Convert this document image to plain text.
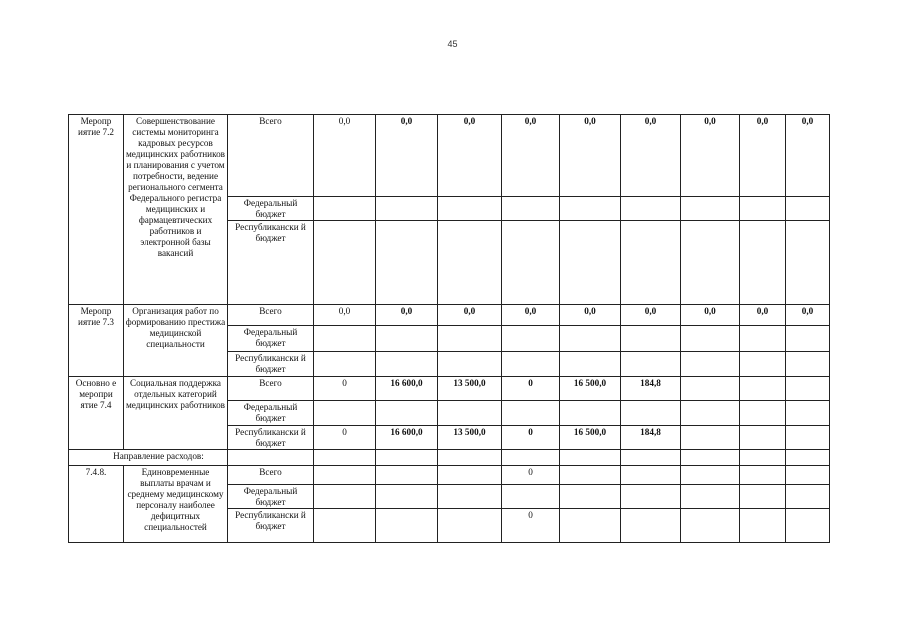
45
Меропр иятие 7.2	Совершенствование системы мониторинга кадровых ресурсов медицинских работников и планирования с учетом потребности, ведение регионального сегмента Федерального регистра медицинских и фармацевтических работников и электронной базы вакансий	Всего	0,0	0,0	0,0	0,0	0,0	0,0	0,0	0,0	0,0
		Федеральный бюджет									
		Республикански й бюджет									
Меропр иятие 7.3	Организация работ по формированию престижа медицинской специальности	Всего	0,0	0,0	0,0	0,0	0,0	0,0	0,0	0,0	0,0
		Федеральный бюджет									
		Республикански й бюджет									
Основно е меропри ятие 7.4	Социальная поддержка отдельных категорий медицинских работников	Всего	0	16 600,0	13 500,0	0	16 500,0	184,8			
		Федеральный бюджет									
		Республикански й бюджет	0	16 600,0	13 500,0	0	16 500,0	184,8			
Направление расходов:											
7.4.8.	Единовременные выплаты врачам и среднему медицинскому персоналу наиболее дефицитных специальностей	Всего				0					
		Федеральный бюджет									
		Республикански й бюджет				0					
